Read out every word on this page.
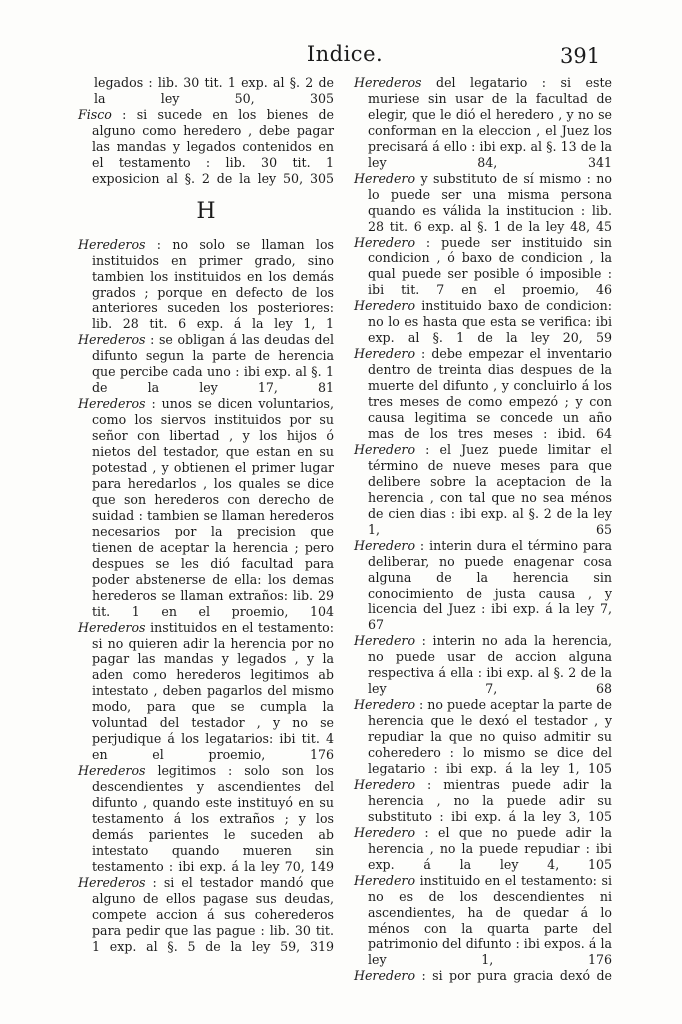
Indice.	391

legados : lib. 30 tit. 1 exp. al §. 2 de la ley 50,	305

Fisco : si sucede en los bienes de alguno como heredero , debe pagar las mandas y legados contenidos en el testamento : lib. 30 tit. 1 exposicion al §. 2 de la ley 50, 305

H

Herederos : no solo se llaman los instituidos en primer grado, sino tambien los instituidos en los demás grados ; porque en defecto de los anteriores suceden los posteriores: lib. 28 tit. 6 exp. á la ley 1, 1

Herederos : se obligan á las deudas del difunto segun la parte de herencia que percibe cada uno : ibi exp. al §. 1 de la ley 17,	81

Herederos : unos se dicen voluntarios, como los siervos instituidos por su señor con libertad , y los hijos ó nietos del testador, que estan en su potestad , y obtienen el primer lugar para heredarlos , los quales se dice que son herederos con derecho de suidad : tambien se llaman herederos necesarios por la precision que tienen de aceptar la herencia ; pero despues se les dió facultad para poder abstenerse de ella: los demas herederos se llaman extraños: lib. 29 tit. 1 en el proemio, 104

Herederos instituidos en el testamento: si no quieren adir la herencia por no pagar las mandas y legados , y la aden como herederos legitimos ab intestato , deben pagarlos del mismo modo, para que se cumpla la voluntad del testador , y no se perjudique á los legatarios: ibi tit. 4 en el proemio,	176

Herederos legitimos : solo son los descendientes y ascendientes del difunto , quando este instituyó en su testamento á los extraños ; y los demás parientes le suceden ab intestato quando mueren sin testamento : ibi exp. á la ley 70, 149

Herederos : si el testador mandó que alguno de ellos pagase sus deudas, compete accion á sus coherederos para pedir que las pague : lib. 30 tit. 1 exp. al §. 5 de la ley 59, 319

Herederos del legatario : si este muriese sin usar de la facultad de elegir, que le dió el heredero , y no se conforman en la eleccion , el Juez los precisará á ello : ibi exp. al §. 13 de la ley 84,	341

Heredero y substituto de sí mismo : no lo puede ser una misma persona quando es válida la institucion : lib. 28 tit. 6 exp. al §. 1 de la ley 48, 45

Heredero : puede ser instituido sin condicion , ó baxo de condicion , la qual puede ser posible ó imposible : ibi tit. 7 en el proemio, 46

Heredero instituido baxo de condicion: no lo es hasta que esta se verifica: ibi exp. al §. 1 de la ley 20, 59

Heredero : debe empezar el inventario dentro de treinta dias despues de la muerte del difunto , y concluirlo á los tres meses de como empezó ; y con causa legitima se concede un año mas de los tres meses : ibid. 64

Heredero : el Juez puede limitar el término de nueve meses para que delibere sobre la aceptacion de la herencia , con tal que no sea ménos de cien dias : ibi exp. al §. 2 de la ley 1,	65

Heredero : interin dura el término para deliberar, no puede enagenar cosa alguna de la herencia sin conocimiento de justa causa , y licencia del Juez : ibi exp. á la ley 7, 67

Heredero : interin no ada la herencia, no puede usar de accion alguna respectiva á ella : ibi exp. al §. 2 de la ley 7,	68

Heredero : no puede aceptar la parte de herencia que le dexó el testador , y repudiar la que no quiso admitir su coheredero : lo mismo se dice del legatario : ibi exp. á la ley 1, 105

Heredero : mientras puede adir la herencia , no la puede adir su substituto : ibi exp. á la ley 3, 105

Heredero : el que no puede adir la herencia , no la puede repudiar : ibi exp. á la ley 4, 105

Heredero instituido en el testamento: si no es de los descendientes ni ascendientes, ha de quedar á lo ménos con la quarta parte del patrimonio del difunto : ibi expos. á la ley 1,	176

Heredero : si por pura gracia dexó de
